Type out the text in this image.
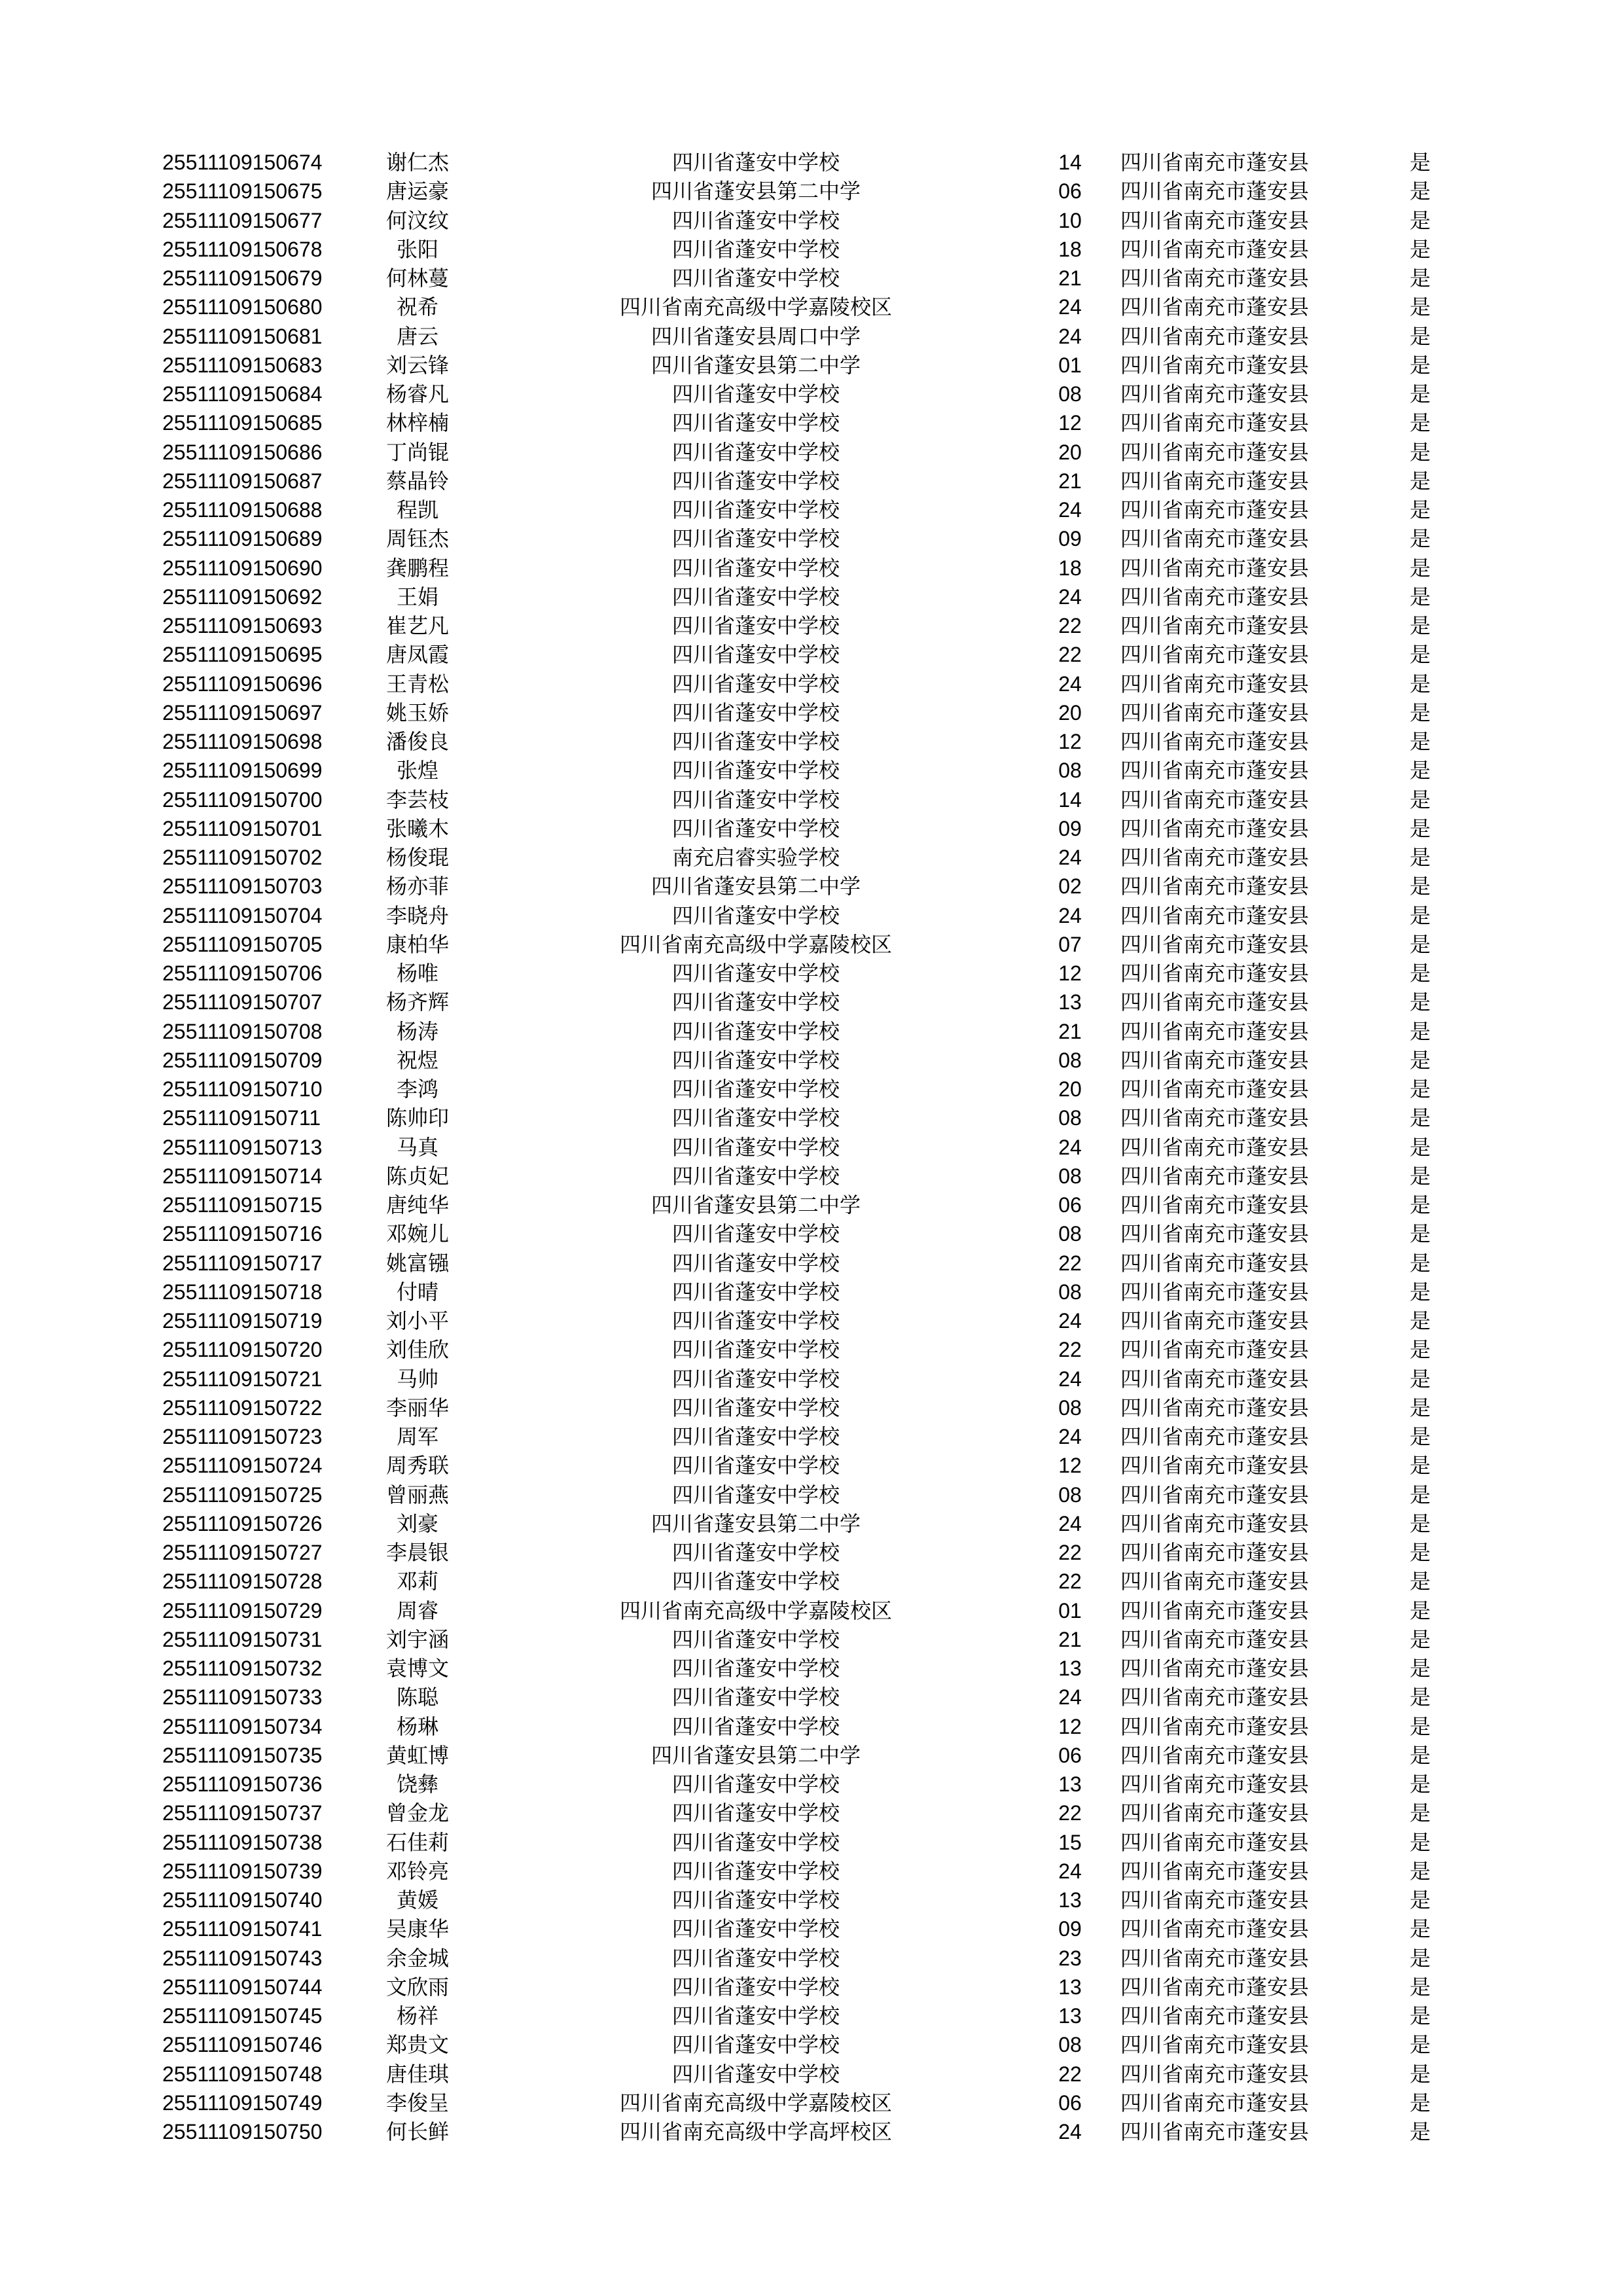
25511109150674	谢仁杰	四川省蓬安中学校	14	四川省南充市蓬安县	是
25511109150675	唐运豪	四川省蓬安县第二中学	06	四川省南充市蓬安县	是
25511109150677	何汶纹	四川省蓬安中学校	10	四川省南充市蓬安县	是
25511109150678	张阳	四川省蓬安中学校	18	四川省南充市蓬安县	是
25511109150679	何林蔓	四川省蓬安中学校	21	四川省南充市蓬安县	是
25511109150680	祝希	四川省南充高级中学嘉陵校区	24	四川省南充市蓬安县	是
25511109150681	唐云	四川省蓬安县周口中学	24	四川省南充市蓬安县	是
25511109150683	刘云锋	四川省蓬安县第二中学	01	四川省南充市蓬安县	是
25511109150684	杨睿凡	四川省蓬安中学校	08	四川省南充市蓬安县	是
25511109150685	林梓楠	四川省蓬安中学校	12	四川省南充市蓬安县	是
25511109150686	丁尚锟	四川省蓬安中学校	20	四川省南充市蓬安县	是
25511109150687	蔡晶铃	四川省蓬安中学校	21	四川省南充市蓬安县	是
25511109150688	程凯	四川省蓬安中学校	24	四川省南充市蓬安县	是
25511109150689	周钰杰	四川省蓬安中学校	09	四川省南充市蓬安县	是
25511109150690	龚鹏程	四川省蓬安中学校	18	四川省南充市蓬安县	是
25511109150692	王娟	四川省蓬安中学校	24	四川省南充市蓬安县	是
25511109150693	崔艺凡	四川省蓬安中学校	22	四川省南充市蓬安县	是
25511109150695	唐凤霞	四川省蓬安中学校	22	四川省南充市蓬安县	是
25511109150696	王青松	四川省蓬安中学校	24	四川省南充市蓬安县	是
25511109150697	姚玉娇	四川省蓬安中学校	20	四川省南充市蓬安县	是
25511109150698	潘俊良	四川省蓬安中学校	12	四川省南充市蓬安县	是
25511109150699	张煌	四川省蓬安中学校	08	四川省南充市蓬安县	是
25511109150700	李芸枝	四川省蓬安中学校	14	四川省南充市蓬安县	是
25511109150701	张曦木	四川省蓬安中学校	09	四川省南充市蓬安县	是
25511109150702	杨俊琨	南充启睿实验学校	24	四川省南充市蓬安县	是
25511109150703	杨亦菲	四川省蓬安县第二中学	02	四川省南充市蓬安县	是
25511109150704	李晓舟	四川省蓬安中学校	24	四川省南充市蓬安县	是
25511109150705	康柏华	四川省南充高级中学嘉陵校区	07	四川省南充市蓬安县	是
25511109150706	杨唯	四川省蓬安中学校	12	四川省南充市蓬安县	是
25511109150707	杨齐辉	四川省蓬安中学校	13	四川省南充市蓬安县	是
25511109150708	杨涛	四川省蓬安中学校	21	四川省南充市蓬安县	是
25511109150709	祝煜	四川省蓬安中学校	08	四川省南充市蓬安县	是
25511109150710	李鸿	四川省蓬安中学校	20	四川省南充市蓬安县	是
25511109150711	陈帅印	四川省蓬安中学校	08	四川省南充市蓬安县	是
25511109150713	马真	四川省蓬安中学校	24	四川省南充市蓬安县	是
25511109150714	陈贞妃	四川省蓬安中学校	08	四川省南充市蓬安县	是
25511109150715	唐纯华	四川省蓬安县第二中学	06	四川省南充市蓬安县	是
25511109150716	邓婉儿	四川省蓬安中学校	08	四川省南充市蓬安县	是
25511109150717	姚富镪	四川省蓬安中学校	22	四川省南充市蓬安县	是
25511109150718	付晴	四川省蓬安中学校	08	四川省南充市蓬安县	是
25511109150719	刘小平	四川省蓬安中学校	24	四川省南充市蓬安县	是
25511109150720	刘佳欣	四川省蓬安中学校	22	四川省南充市蓬安县	是
25511109150721	马帅	四川省蓬安中学校	24	四川省南充市蓬安县	是
25511109150722	李丽华	四川省蓬安中学校	08	四川省南充市蓬安县	是
25511109150723	周军	四川省蓬安中学校	24	四川省南充市蓬安县	是
25511109150724	周秀联	四川省蓬安中学校	12	四川省南充市蓬安县	是
25511109150725	曾丽燕	四川省蓬安中学校	08	四川省南充市蓬安县	是
25511109150726	刘豪	四川省蓬安县第二中学	24	四川省南充市蓬安县	是
25511109150727	李晨银	四川省蓬安中学校	22	四川省南充市蓬安县	是
25511109150728	邓莉	四川省蓬安中学校	22	四川省南充市蓬安县	是
25511109150729	周睿	四川省南充高级中学嘉陵校区	01	四川省南充市蓬安县	是
25511109150731	刘宇涵	四川省蓬安中学校	21	四川省南充市蓬安县	是
25511109150732	袁博文	四川省蓬安中学校	13	四川省南充市蓬安县	是
25511109150733	陈聪	四川省蓬安中学校	24	四川省南充市蓬安县	是
25511109150734	杨琳	四川省蓬安中学校	12	四川省南充市蓬安县	是
25511109150735	黄虹博	四川省蓬安县第二中学	06	四川省南充市蓬安县	是
25511109150736	饶彝	四川省蓬安中学校	13	四川省南充市蓬安县	是
25511109150737	曾金龙	四川省蓬安中学校	22	四川省南充市蓬安县	是
25511109150738	石佳莉	四川省蓬安中学校	15	四川省南充市蓬安县	是
25511109150739	邓铃亮	四川省蓬安中学校	24	四川省南充市蓬安县	是
25511109150740	黄媛	四川省蓬安中学校	13	四川省南充市蓬安县	是
25511109150741	吴康华	四川省蓬安中学校	09	四川省南充市蓬安县	是
25511109150743	余金城	四川省蓬安中学校	23	四川省南充市蓬安县	是
25511109150744	文欣雨	四川省蓬安中学校	13	四川省南充市蓬安县	是
25511109150745	杨祥	四川省蓬安中学校	13	四川省南充市蓬安县	是
25511109150746	郑贵文	四川省蓬安中学校	08	四川省南充市蓬安县	是
25511109150748	唐佳琪	四川省蓬安中学校	22	四川省南充市蓬安县	是
25511109150749	李俊呈	四川省南充高级中学嘉陵校区	06	四川省南充市蓬安县	是
25511109150750	何长鲜	四川省南充高级中学高坪校区	24	四川省南充市蓬安县	是
